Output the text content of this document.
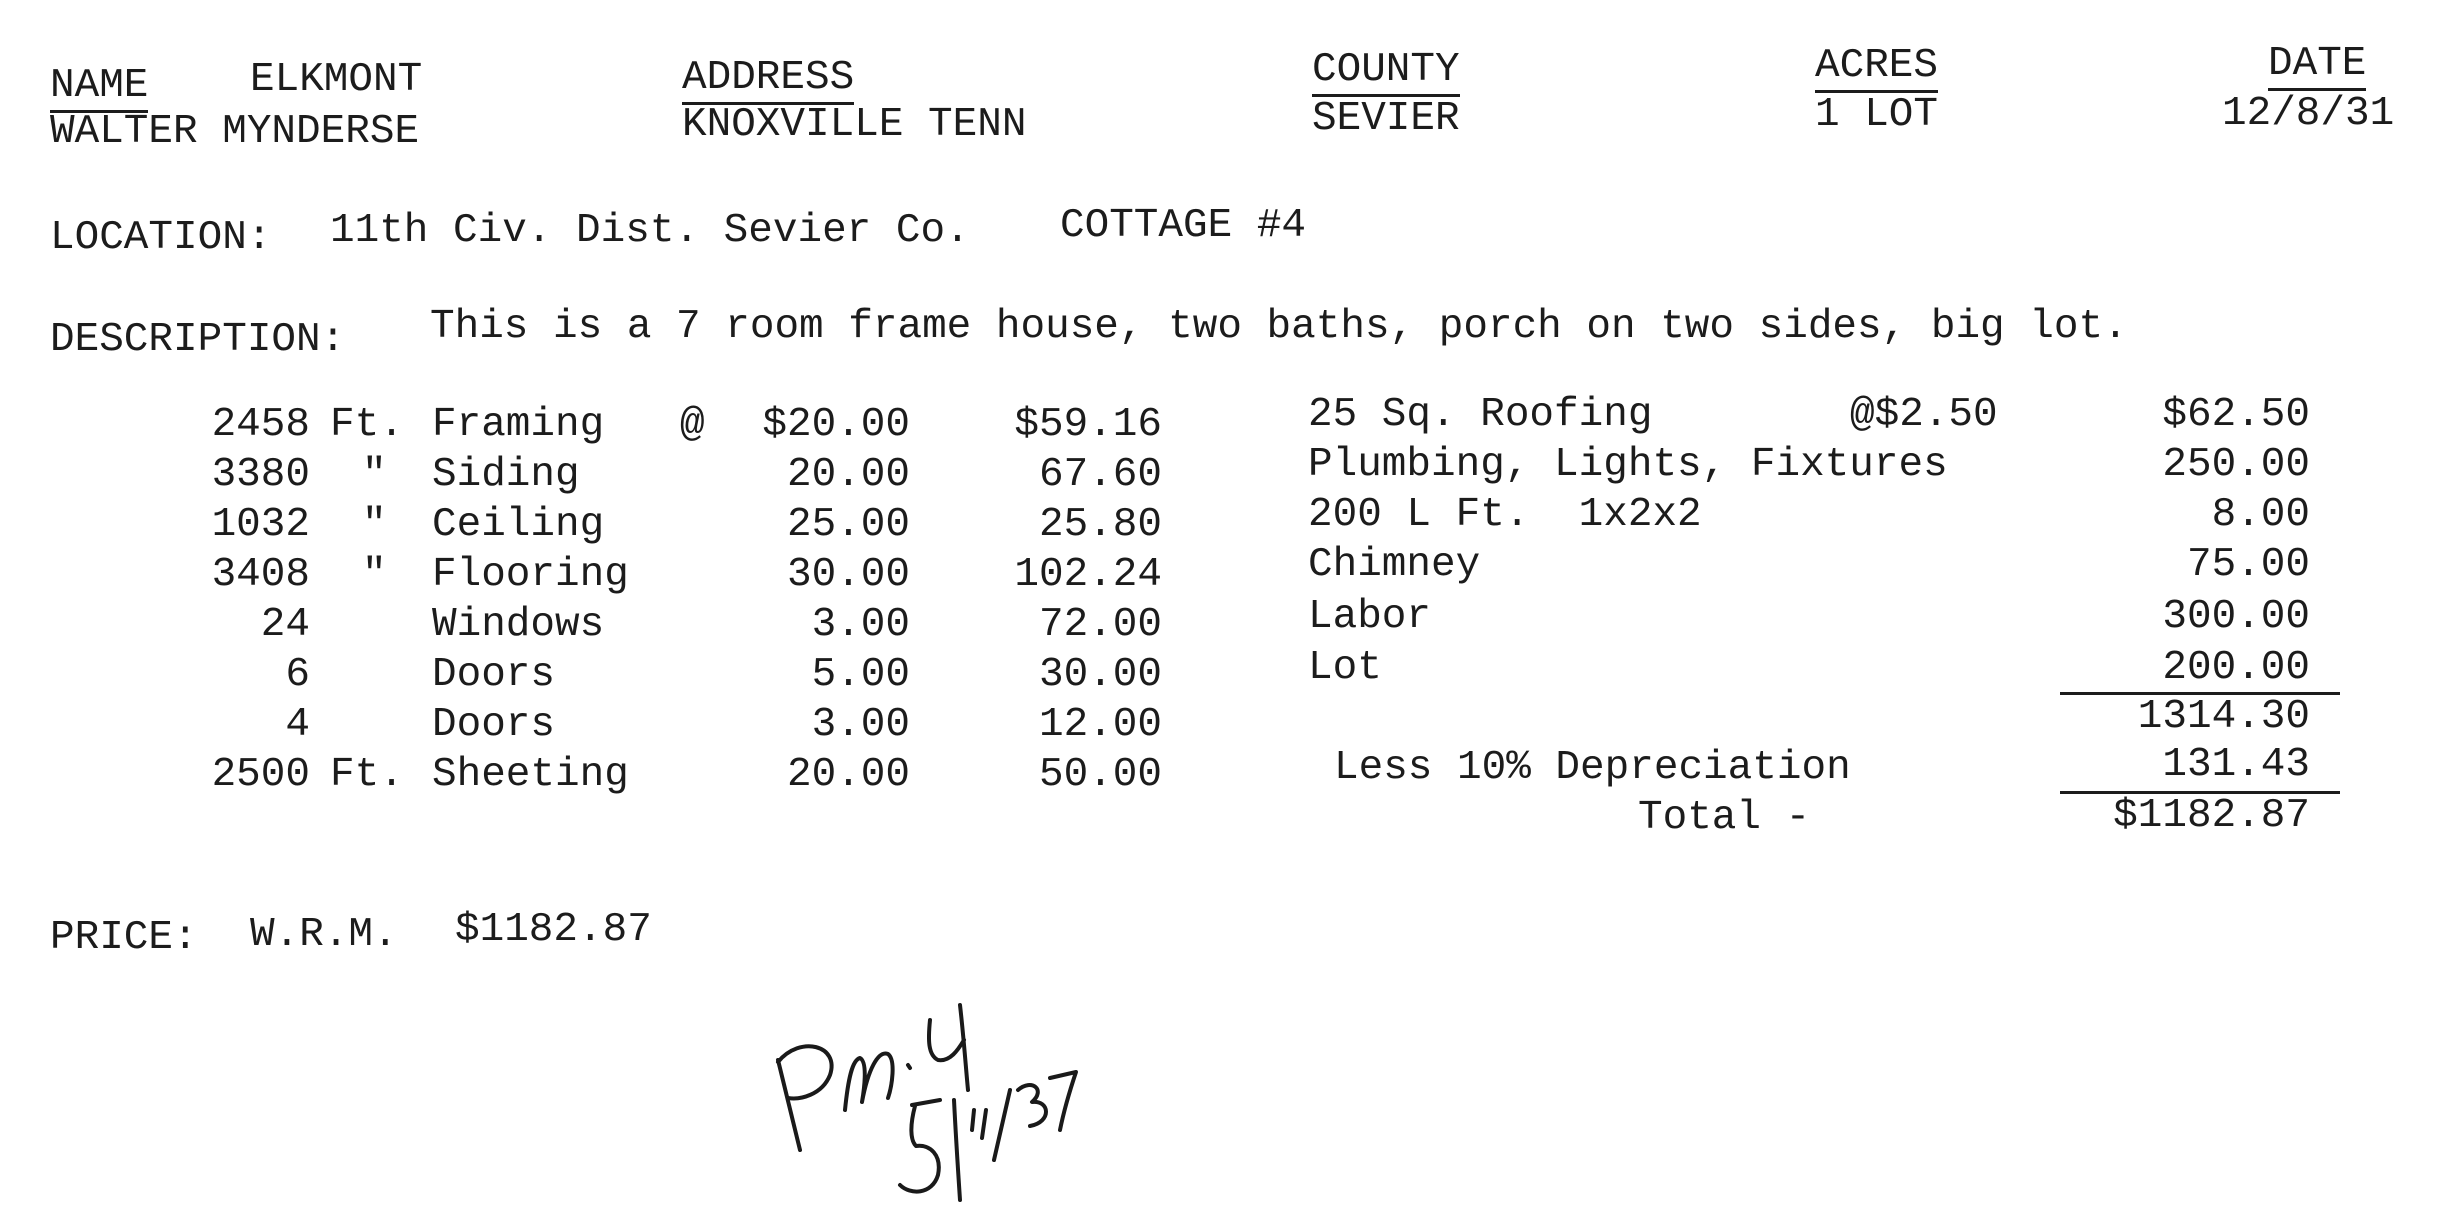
NAME ELKMONT
WALTER MYNDERSE
ADDRESS
KNOXVILLE TENN
COUNTY
SEVIER
ACRES
1 LOT
DATE
12/8/31
LOCATION: 11th Civ. Dist. Sevier Co. COTTAGE #4
DESCRIPTION: This is a 7 room frame house, two baths, porch on two sides, big lot.
2458 Ft. Framing @	$20.00	$59.16
3380 " Siding	20.00	67.60
1032 " Ceiling	25.00	25.80
3408 " Flooring	30.00	102.24
24	Windows	3.00	72.00
6	Doors	5.00	30.00
4	Doors	3.00	12.00
2500 Ft. Sheeting	20.00	50.00
25 Sq. Roofing	@$2.50	$62.50
Plumbing, Lights, Fixtures	250.00
200 L Ft.  1x2x2	8.00
Chimney	75.00
Labor	300.00
Lot	200.00
1314.30
Less 10% Depreciation	131.43
Total -	$1182.87
PRICE: W.R.M. $1182.87
